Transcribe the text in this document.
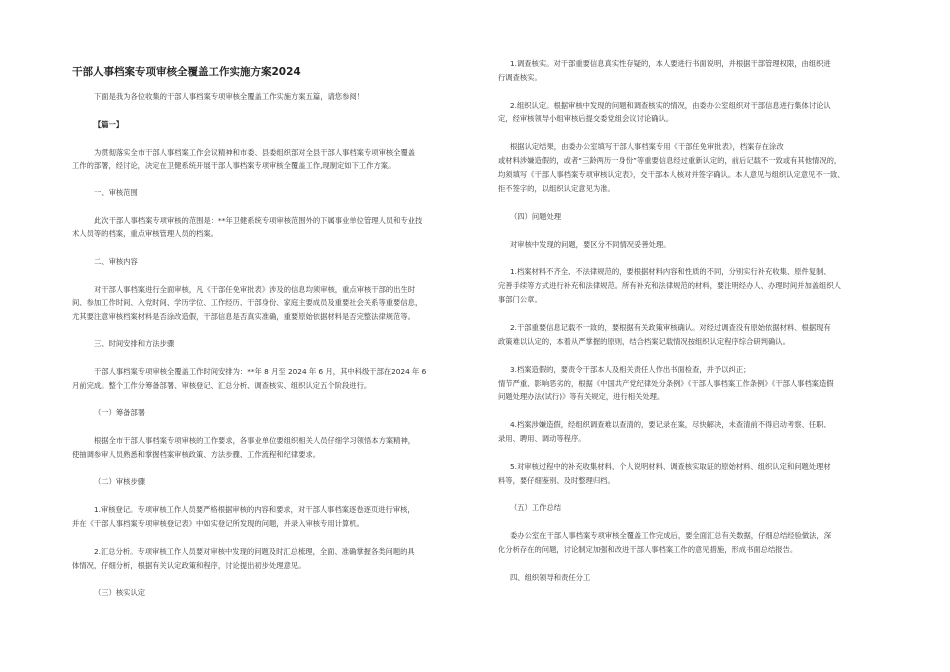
干部人事档案专项审核全覆盖工作实施方案2024

下面是我为各位收集的干部人事档案专项审核全覆盖工作实施方案五篇，请您参阅！

【篇一】

为贯彻落实全市干部人事档案工作会议精神和市委、县委组织部对全县干部人事档案专项审核全覆盖

工作的部署，经讨论，决定在卫健系统开展干部人事档案专项审核全覆盖工作,现制定如下工作方案。

一、审核范围

此次干部人事档案专项审核的范围是：**年卫健系统专项审核范围外的下属事业单位管理人员和专业技

术人员等的档案，重点审核管理人员的档案。

二、审核内容

对干部人事档案进行全面审核，凡《干部任免审批表》涉及的信息均须审核，重点审核干部的出生时

间、参加工作时间、入党时间、学历学位、工作经历、干部身份、家庭主要成员及重要社会关系等重要信息，

尤其要注意审核档案材料是否涂改造假，干部信息是否真实准确，重要原始依据材料是否完整法律规范等。

三、时间安排和方法步骤

干部人事档案专项审核全覆盖工作时间安排为：**年 8 月至 2024 年 6 月，其中科级干部在2024 年 6

月前完成。整个工作分筹备部署、审核登记、汇总分析、调查核实、组织认定五个阶段进行。

（一）筹备部署

根据全市干部人事档案专项审核的工作要求，各事业单位要组织相关人员仔细学习领悟本方案精神，

使抽调参审人员熟悉和掌握档案审核政策、方法步骤、工作流程和纪律要求。

（二）审核步骤

1.审核登记。专项审核工作人员要严格根据审核的内容和要求，对干部人事档案逐卷逐页进行审核，

并在《干部人事档案专项审核登记表》中如实登记所发现的问题，并录入审核专用计算机。

2.汇总分析。专项审核工作人员要对审核中发现的问题及时汇总梳理，全面、准确掌握各类问题的具

体情况，仔细分析，根据有关认定政策和程序，讨论提出初步处理意见。

（三）核实认定

1.调查核实。对干部重要信息真实性存疑的，本人要进行书面说明，并根据干部管理权限，由组织进

行调查核实。

2.组织认定。根据审核中发现的问题和调查核实的情况，由委办公室组织对干部信息进行集体讨论认

定，经审核领导小组审核后提交委党组会议讨论确认。

根据认定结果，由委办公室填写干部人事档案专用《干部任免审批表》，档案存在涂改

或材料涉嫌造假的，或者“三龄两历一身份”等重要信息经过重新认定的，前后记载不一致或有其他情况的，

均须填写《干部人事档案专项审核认定表》，交干部本人核对并签字确认。本人意见与组织认定意见不一致、

拒不签字的，以组织认定意见为准。

（四）问题处理

对审核中发现的问题，要区分不同情况妥善处理。

1.档案材料不齐全、不法律规范的，要根据材料内容和性质的不同，分别实行补充收集、原件复制、

完善手续等方式进行补充和法律规范。所有补充和法律规范的材料，要注明经办人、办理时间并加盖组织人

事部门公章。

2.干部重要信息记载不一致的，要根据有关政策审核确认。对经过调查没有原始依据材料、根据现有

政策难以认定的，本着从严掌握的原则，结合档案记载情况按组织认定程序综合研判确认。

3.档案造假的，要责令干部本人及相关责任人作出书面检查，并予以纠正；

情节严重、影响恶劣的，根据《中国共产党纪律处分条例》《干部人事档案工作条例》《干部人事档案造假

问题处理办法(试行)》等有关规定，进行相关处理。

4.档案涉嫌造假，经组织调查难以查清的，要记录在案，尽快解决，未查清前不得启动考察、任职、

录用、聘用、调动等程序。

5.对审核过程中的补充收集材料、个人说明材料、调查核实取证的原始材料、组织认定和问题处理材

料等，要仔细鉴别、及时整理归档。

（五）工作总结

委办公室在干部人事档案专项审核全覆盖工作完成后，要全面汇总有关数据，仔细总结经验做法，深

化分析存在的问题，讨论制定加强和改进干部人事档案工作的意见措施，形成书面总结报告。

四、组织领导和责任分工
